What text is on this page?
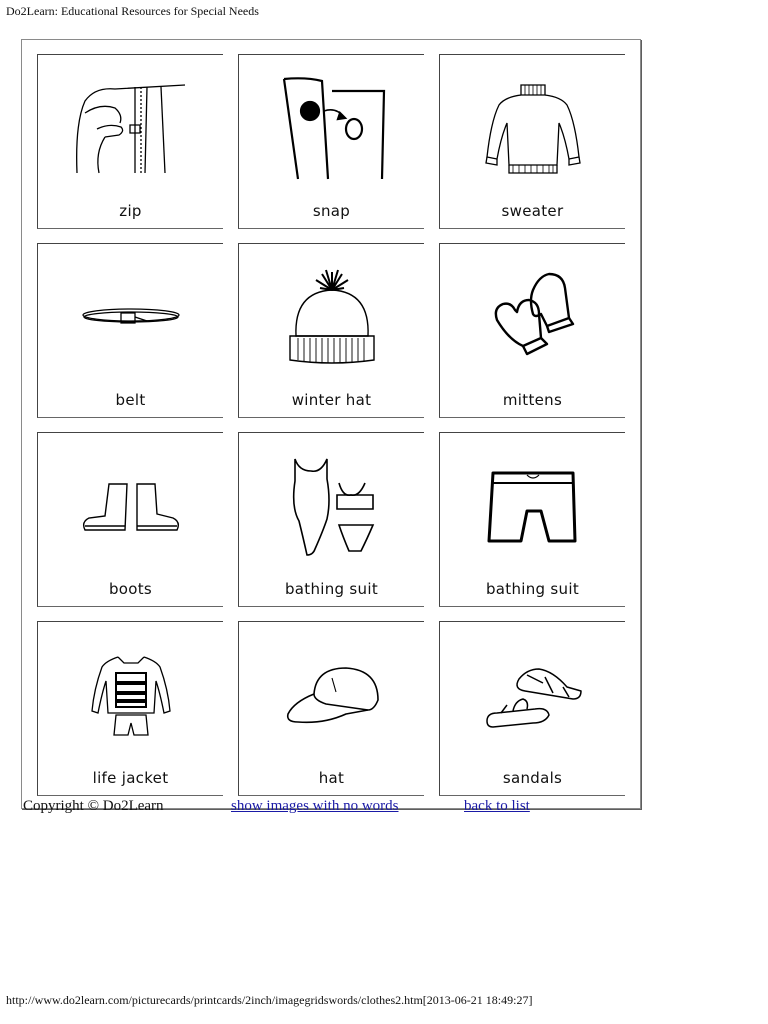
Do2Learn: Educational Resources for Special Needs
zip	snap	sweater
belt	winter hat	mittens
boots	bathing suit	bathing suit
life jacket	hat	sandals
Copyright © Do2Learn	show images with no words	back to list
http://www.do2learn.com/picturecards/printcards/2inch/imagegridswords/clothes2.htm[2013-06-21 18:49:27]
